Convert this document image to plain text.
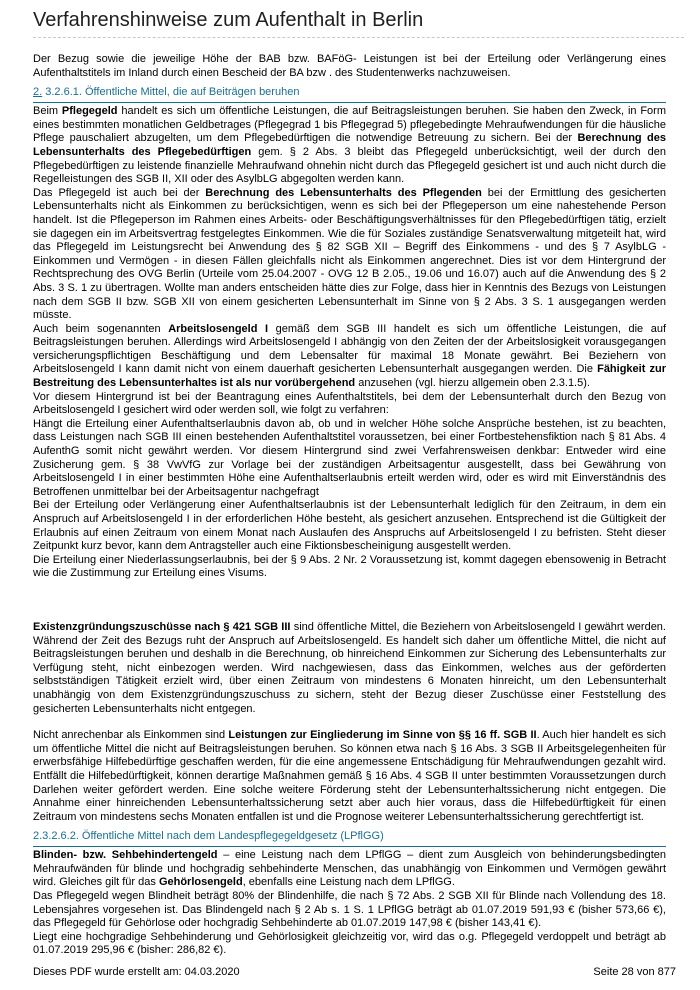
Verfahrenshinweise zum Aufenthalt in Berlin

Der Bezug sowie die jeweilige Höhe der BAB bzw. BAFöG- Leistungen ist bei der Erteilung oder Verlängerung eines Aufenthaltstitels im Inland durch einen Bescheid der BA bzw . des Studentenwerks nachzuweisen.

2. 3.2.6.1. Öffentliche Mittel, die auf Beiträgen beruhen

Beim Pflegegeld handelt es sich um öffentliche Leistungen, die auf Beitragsleistungen beruhen. Sie haben den Zweck, in Form eines bestimmten monatlichen Geldbetrages (Pflegegrad 1 bis Pflegegrad 5) pflegebedingte Mehraufwendungen für die häusliche Pflege pauschaliert abzugelten, um dem Pflegebedürftigen die notwendige Betreuung zu sichern. Bei der Berechnung des Lebensunterhalts des Pflegebedürftigen gem. § 2 Abs. 3 bleibt das Pflegegeld unberücksichtigt, weil der durch den Pflegebedürftigen zu leistende finanzielle Mehraufwand ohnehin nicht durch das Pflegegeld gesichert ist und auch nicht durch die Regelleistungen des SGB II, XII oder des AsylbLG abgegolten werden kann.

Das Pflegegeld ist auch bei der Berechnung des Lebensunterhalts des Pflegenden bei der Ermittlung des gesicherten Lebensunterhalts nicht als Einkommen zu berücksichtigen, wenn es sich bei der Pflegeperson um eine nahestehende Person handelt. Ist die Pflegeperson im Rahmen eines Arbeits- oder Beschäftigungsverhältnisses für den Pflegebedürftigen tätig, erzielt sie dagegen ein im Arbeitsvertrag festgelegtes Einkommen. Wie die für Soziales zuständige Senatsverwaltung mitgeteilt hat, wird das Pflegegeld im Leistungsrecht bei Anwendung des § 82 SGB XII – Begriff des Einkommens - und des § 7 AsylbLG - Einkommen und Vermögen - in diesen Fällen gleichfalls nicht als Einkommen angerechnet. Dies ist vor dem Hintergrund der Rechtsprechung des OVG Berlin (Urteile vom 25.04.2007 - OVG 12 B 2.05., 19.06 und 16.07) auch auf die Anwendung des § 2 Abs. 3 S. 1 zu übertragen. Wollte man anders entscheiden hätte dies zur Folge, dass hier in Kenntnis des Bezugs von Leistungen nach dem SGB II bzw. SGB XII von einem gesicherten Lebensunterhalt im Sinne von § 2 Abs. 3 S. 1 ausgegangen werden müsste.

Auch beim sogenannten Arbeitslosengeld I gemäß dem SGB III handelt es sich um öffentliche Leistungen, die auf Beitragsleistungen beruhen. Allerdings wird Arbeitslosengeld I abhängig von den Zeiten der der Arbeitslosigkeit vorausgegangen versicherungspflichtigen Beschäftigung und dem Lebensalter für maximal 18 Monate gewährt. Bei Beziehern von Arbeitslosengeld I kann damit nicht von einem dauerhaft gesicherten Lebensunterhalt ausgegangen werden. Die Fähigkeit zur Bestreitung des Lebensunterhaltes ist als nur vorübergehend anzusehen (vgl. hierzu allgemein oben 2.3.1.5).

Vor diesem Hintergrund ist bei der Beantragung eines Aufenthaltstitels, bei dem der Lebensunterhalt durch den Bezug von Arbeitslosengeld I gesichert wird oder werden soll, wie folgt zu verfahren:

Hängt die Erteilung einer Aufenthaltserlaubnis davon ab, ob und in welcher Höhe solche Ansprüche bestehen, ist zu beachten, dass Leistungen nach SGB III einen bestehenden Aufenthaltstitel voraussetzen, bei einer Fortbestehensfiktion nach § 81 Abs. 4 AufenthG somit nicht gewährt werden. Vor diesem Hintergrund sind zwei Verfahrensweisen denkbar: Entweder wird eine Zusicherung gem. § 38 VwVfG zur Vorlage bei der zuständigen Arbeitsagentur ausgestellt, dass bei Gewährung von Arbeitslosengeld I in einer bestimmten Höhe eine Aufenthaltserlaubnis erteilt werden wird, oder es wird mit Einverständnis des Betroffenen unmittelbar bei der Arbeitsagentur nachgefragt

Bei der Erteilung oder Verlängerung einer Aufenthaltserlaubnis ist der Lebensunterhalt lediglich für den Zeitraum, in dem ein Anspruch auf Arbeitslosengeld I in der erforderlichen Höhe besteht, als gesichert anzusehen. Entsprechend ist die Gültigkeit der Erlaubnis auf einen Zeitraum von einem Monat nach Auslaufen des Anspruchs auf Arbeitslosengeld I zu befristen. Steht dieser Zeitpunkt kurz bevor, kann dem Antragsteller auch eine Fiktionsbescheinigung ausgestellt werden.

Die Erteilung einer Niederlassungserlaubnis, bei der § 9 Abs. 2 Nr. 2 Voraussetzung ist, kommt dagegen ebensowenig in Betracht wie die Zustimmung zur Erteilung eines Visums.

Existenzgründungszuschüsse nach § 421 SGB III sind öffentliche Mittel, die Beziehern von Arbeitslosengeld I gewährt werden. Während der Zeit des Bezugs ruht der Anspruch auf Arbeitslosengeld. Es handelt sich daher um öffentliche Mittel, die nicht auf Beitragsleistungen beruhen und deshalb in die Berechnung, ob hinreichend Einkommen zur Sicherung des Lebensunterhalts zur Verfügung steht, nicht einbezogen werden. Wird nachgewiesen, dass das Einkommen, welches aus der geförderten selbstständigen Tätigkeit erzielt wird, über einen Zeitraum von mindestens 6 Monaten hinreicht, um den Lebensunterhalt unabhängig von dem Existenzgründungszuschuss zu sichern, steht der Bezug dieser Zuschüsse einer Feststellung des gesicherten Lebensunterhalts nicht entgegen.

Nicht anrechenbar als Einkommen sind Leistungen zur Eingliederung im Sinne von §§ 16 ff. SGB II. Auch hier handelt es sich um öffentliche Mittel die nicht auf Beitragsleistungen beruhen. So können etwa nach § 16 Abs. 3 SGB II Arbeitsgelegenheiten für erwerbsfähige Hilfebedürftige geschaffen werden, für die eine angemessene Entschädigung für Mehraufwendungen gezahlt wird. Entfällt die Hilfebedürftigkeit, können derartige Maßnahmen gemäß § 16 Abs. 4 SGB II unter bestimmten Voraussetzungen durch Darlehen weiter gefördert werden. Eine solche weitere Förderung steht der Lebensunterhaltssicherung nicht entgegen. Die Annahme einer hinreichenden Lebensunterhaltssicherung setzt aber auch hier voraus, dass die Hilfebedürftigkeit für einen Zeitraum von mindestens sechs Monaten entfallen ist und die Prognose weiterer Lebensunterhaltssicherung gerechtfertigt ist.

2.3.2.6.2. Öffentliche Mittel nach dem Landespflegegeldgesetz (LPflGG)

Blinden- bzw. Sehbehindertengeld – eine Leistung nach dem LPflGG – dient zum Ausgleich von behinderungsbedingten Mehraufwänden für blinde und hochgradig sehbehinderte Menschen, das unabhängig von Einkommen und Vermögen gewährt wird. Gleiches gilt für das Gehörlosengeld, ebenfalls eine Leistung nach dem LPflGG.

Das Pflegegeld wegen Blindheit beträgt 80% der Blindenhilfe, die nach § 72 Abs. 2 SGB XII für Blinde nach Vollendung des 18. Lebensjahres vorgesehen ist. Das Blindengeld nach § 2 Ab s. 1 S. 1 LPflGG beträgt ab 01.07.2019 591,93 € (bisher 573,66 €), das Pflegegeld für Gehörlose oder hochgradig Sehbehinderte ab 01.07.2019 147,98 € (bisher 143,41 €).

Liegt eine hochgradige Sehbehinderung und Gehörlosigkeit gleichzeitig vor, wird das o.g. Pflegegeld verdoppelt und beträgt ab 01.07.2019 295,96 € (bisher: 286,82 €).

Dieses PDF wurde erstellt am: 04.03.2020	Seite 28 von 877
